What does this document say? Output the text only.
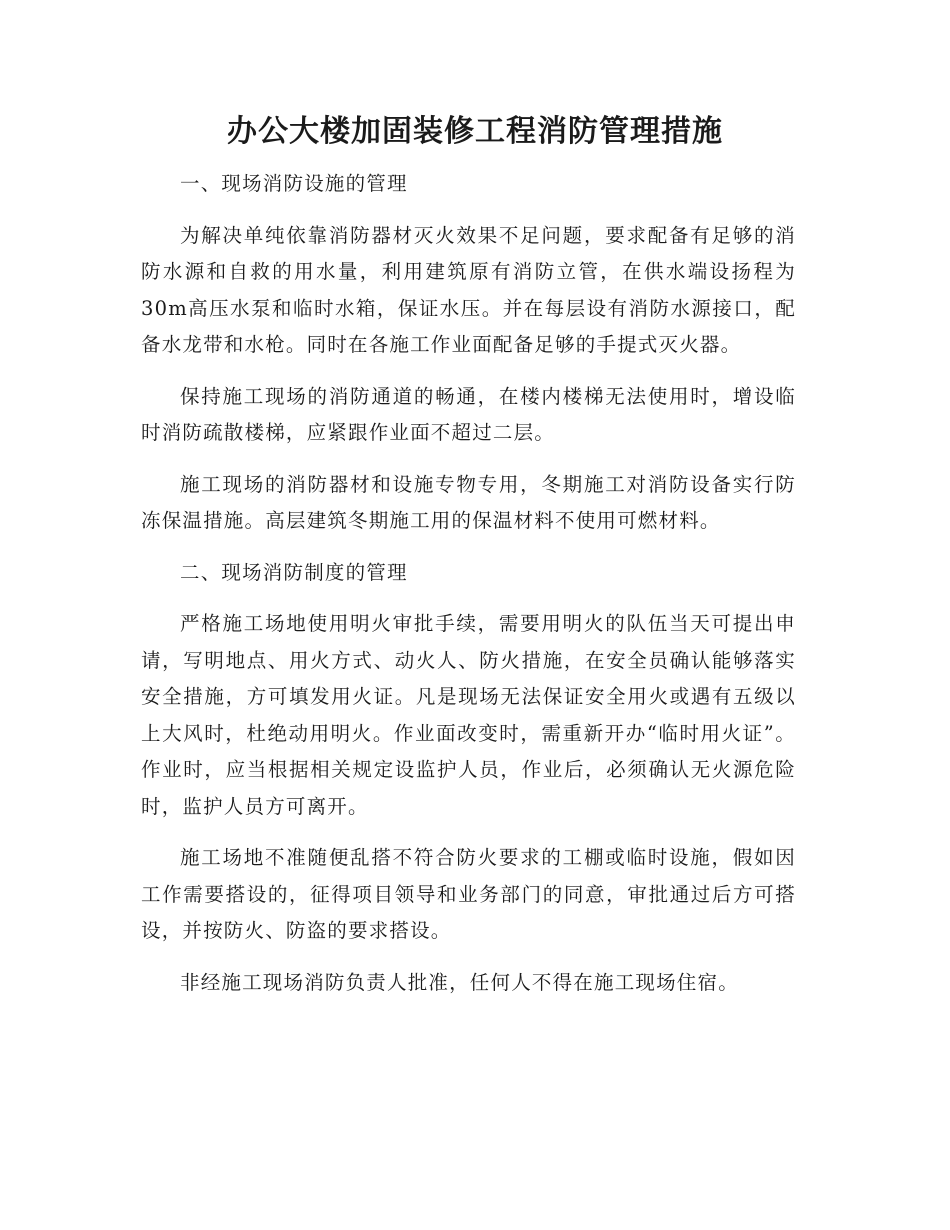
办公大楼加固装修工程消防管理措施

一、现场消防设施的管理

为解决单纯依靠消防器材灭火效果不足问题，要求配备有足够的消防水源和自救的用水量，利用建筑原有消防立管，在供水端设扬程为30m高压水泵和临时水箱，保证水压。并在每层设有消防水源接口，配备水龙带和水枪。同时在各施工作业面配备足够的手提式灭火器。

保持施工现场的消防通道的畅通，在楼内楼梯无法使用时，增设临时消防疏散楼梯，应紧跟作业面不超过二层。

施工现场的消防器材和设施专物专用，冬期施工对消防设备实行防冻保温措施。高层建筑冬期施工用的保温材料不使用可燃材料。

二、现场消防制度的管理

严格施工场地使用明火审批手续，需要用明火的队伍当天可提出申请，写明地点、用火方式、动火人、防火措施，在安全员确认能够落实安全措施，方可填发用火证。凡是现场无法保证安全用火或遇有五级以上大风时，杜绝动用明火。作业面改变时，需重新开办“临时用火证”。作业时，应当根据相关规定设监护人员，作业后，必须确认无火源危险时，监护人员方可离开。

施工场地不准随便乱搭不符合防火要求的工棚或临时设施，假如因工作需要搭设的，征得项目领导和业务部门的同意，审批通过后方可搭设，并按防火、防盗的要求搭设。

非经施工现场消防负责人批准，任何人不得在施工现场住宿。
